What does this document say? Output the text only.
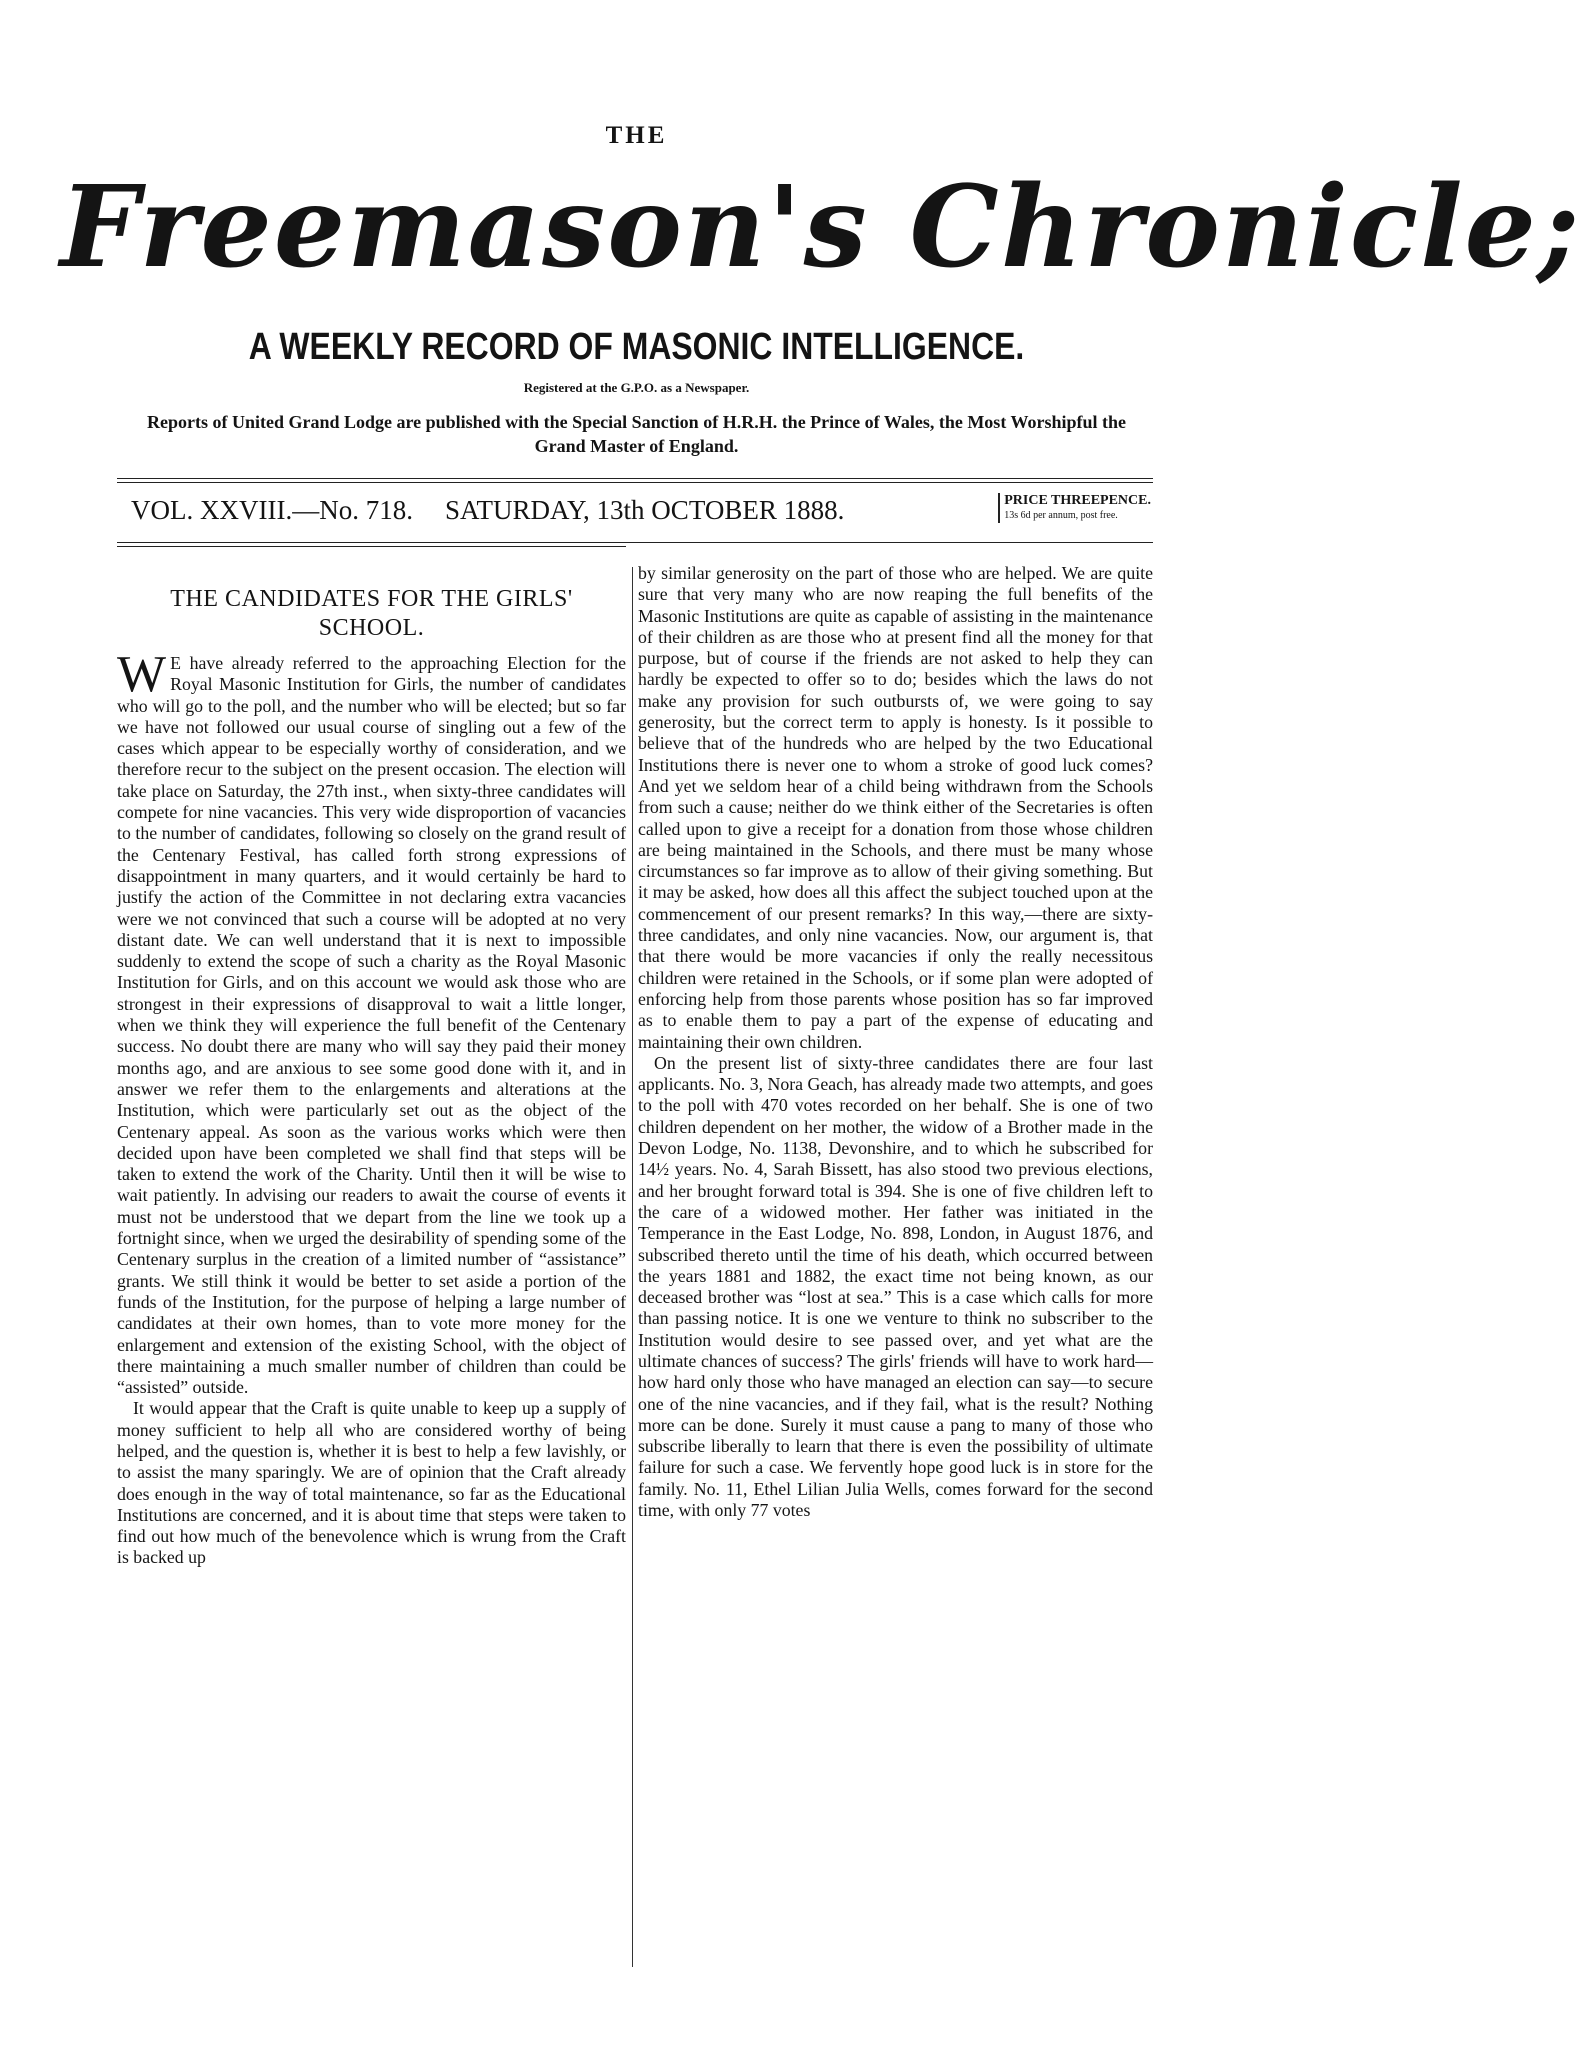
THE
Freemason's Chronicle;
A WEEKLY RECORD OF MASONIC INTELLIGENCE.
Registered at the G.P.O. as a Newspaper.
Reports of United Grand Lodge are published with the Special Sanction of H.R.H. the Prince of Wales, the Most Worshipful the Grand Master of England.
VOL. XXVIII.—No. 718. SATURDAY, 13th OCTOBER 1888.	PRICE THREEPENCE.
13s 6d per annum, post free.
THE CANDIDATES FOR THE GIRLS' SCHOOL.

W E have already referred to the approaching Election for the Royal Masonic Institution for Girls, the number of candidates who will go to the poll, and the number who will be elected; but so far we have not followed our usual course of singling out a few of the cases which appear to be especially worthy of consideration, and we therefore recur to the subject on the present occasion. The election will take place on Saturday, the 27th inst., when sixty-three candidates will compete for nine vacancies. This very wide disproportion of vacancies to the number of candidates, following so closely on the grand result of the Centenary Festival, has called forth strong expressions of disappointment in many quarters, and it would certainly be hard to justify the action of the Committee in not declaring extra vacancies were we not convinced that such a course will be adopted at no very distant date. We can well understand that it is next to impossible suddenly to extend the scope of such a charity as the Royal Masonic Institution for Girls, and on this account we would ask those who are strongest in their expressions of disapproval to wait a little longer, when we think they will experience the full benefit of the Centenary success. No doubt there are many who will say they paid their money months ago, and are anxious to see some good done with it, and in answer we refer them to the enlargements and alterations at the Institution, which were particularly set out as the object of the Centenary appeal. As soon as the various works which were then decided upon have been completed we shall find that steps will be taken to extend the work of the Charity. Until then it will be wise to wait patiently. In advising our readers to await the course of events it must not be understood that we depart from the line we took up a fortnight since, when we urged the desirability of spending some of the Centenary surplus in the creation of a limited number of “assistance” grants. We still think it would be better to set aside a portion of the funds of the Institution, for the purpose of helping a large number of candidates at their own homes, than to vote more money for the enlargement and extension of the existing School, with the object of there maintaining a much smaller number of children than could be “assisted” outside.

It would appear that the Craft is quite unable to keep up a supply of money sufficient to help all who are considered worthy of being helped, and the question is, whether it is best to help a few lavishly, or to assist the many sparingly. We are of opinion that the Craft already does enough in the way of total maintenance, so far as the Educational Institutions are concerned, and it is about time that steps were taken to find out how much of the benevolence which is wrung from the Craft is backed up

by similar generosity on the part of those who are helped. We are quite sure that very many who are now reaping the full benefits of the Masonic Institutions are quite as capable of assisting in the maintenance of their children as are those who at present find all the money for that purpose, but of course if the friends are not asked to help they can hardly be expected to offer so to do; besides which the laws do not make any provision for such outbursts of, we were going to say generosity, but the correct term to apply is honesty. Is it possible to believe that of the hundreds who are helped by the two Educational Institutions there is never one to whom a stroke of good luck comes? And yet we seldom hear of a child being withdrawn from the Schools from such a cause; neither do we think either of the Secretaries is often called upon to give a receipt for a donation from those whose children are being maintained in the Schools, and there must be many whose circumstances so far improve as to allow of their giving something. But it may be asked, how does all this affect the subject touched upon at the commencement of our present remarks? In this way,—there are sixty-three candidates, and only nine vacancies. Now, our argument is, that that there would be more vacancies if only the really necessitous children were retained in the Schools, or if some plan were adopted of enforcing help from those parents whose position has so far improved as to enable them to pay a part of the expense of educating and maintaining their own children.

On the present list of sixty-three candidates there are four last applicants. No. 3, Nora Geach, has already made two attempts, and goes to the poll with 470 votes recorded on her behalf. She is one of two children dependent on her mother, the widow of a Brother made in the Devon Lodge, No. 1138, Devonshire, and to which he subscribed for 14½ years. No. 4, Sarah Bissett, has also stood two previous elections, and her brought forward total is 394. She is one of five children left to the care of a widowed mother. Her father was initiated in the Temperance in the East Lodge, No. 898, London, in August 1876, and subscribed thereto until the time of his death, which occurred between the years 1881 and 1882, the exact time not being known, as our deceased brother was “lost at sea.” This is a case which calls for more than passing notice. It is one we venture to think no subscriber to the Institution would desire to see passed over, and yet what are the ultimate chances of success? The girls' friends will have to work hard—how hard only those who have managed an election can say—to secure one of the nine vacancies, and if they fail, what is the result? Nothing more can be done. Surely it must cause a pang to many of those who subscribe liberally to learn that there is even the possibility of ultimate failure for such a case. We fervently hope good luck is in store for the family. No. 11, Ethel Lilian Julia Wells, comes forward for the second time, with only 77 votes
